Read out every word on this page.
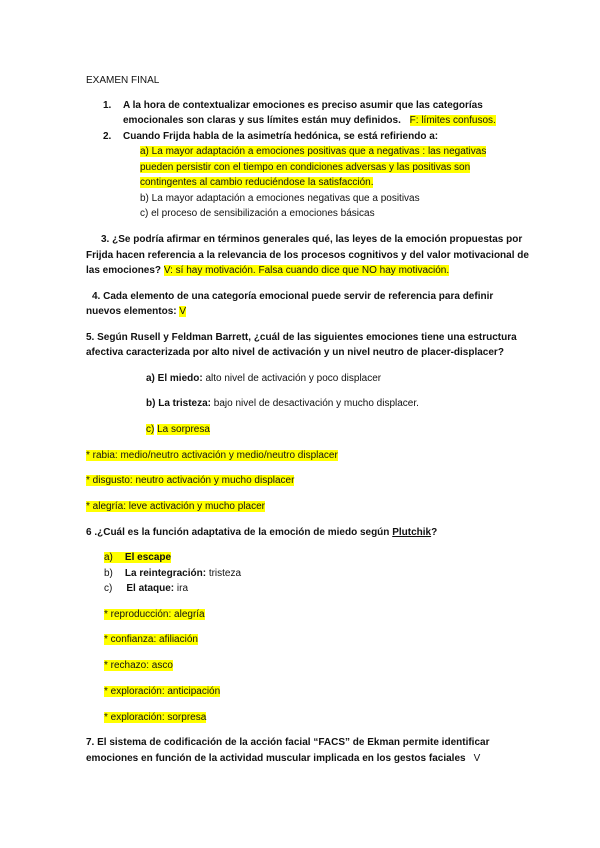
EXAMEN FINAL
1. A la hora de contextualizar emociones es preciso asumir que las categorías
emocionales son claras y sus límites están muy definidos. F: límites confusos.
2. Cuando Frijda habla de la asimetría hedónica, se está refiriendo a:
a) La mayor adaptación a emociones positivas que a negativas : las negativas
pueden persistir con el tiempo en condiciones adversas y las positivas son
contingentes al cambio reduciéndose la satisfacción.
b) La mayor adaptación a emociones negativas que a positivas
c) el proceso de sensibilización a emociones básicas
3. ¿Se podría afirmar en términos generales qué, las leyes de la emoción propuestas por
Frijda hacen referencia a la relevancia de los procesos cognitivos y del valor motivacional de
las emociones? V: sí hay motivación. Falsa cuando dice que NO hay motivación.
4. Cada elemento de una categoría emocional puede servir de referencia para definir
nuevos elementos: V
5. Según Rusell y Feldman Barrett, ¿cuál de las siguientes emociones tiene una estructura
afectiva caracterizada por alto nivel de activación y un nivel neutro de placer-displacer?
a) El miedo: alto nivel de activación y poco displacer
b) La tristeza: bajo nivel de desactivación y mucho displacer.
c) La sorpresa
* rabia: medio/neutro activación y medio/neutro displacer
* disgusto: neutro activación y mucho displacer
* alegría: leve activación y mucho placer
6 .¿Cuál es la función adaptativa de la emoción de miedo según Plutchik?
a) El escape
b) La reintegración: tristeza
c) El ataque: ira
* reproducción: alegría
* confianza: afiliación
* rechazo: asco
* exploración: anticipación
* exploración: sorpresa
7. El sistema de codificación de la acción facial “FACS” de Ekman permite identificar
emociones en función de la actividad muscular implicada en los gestos faciales V
